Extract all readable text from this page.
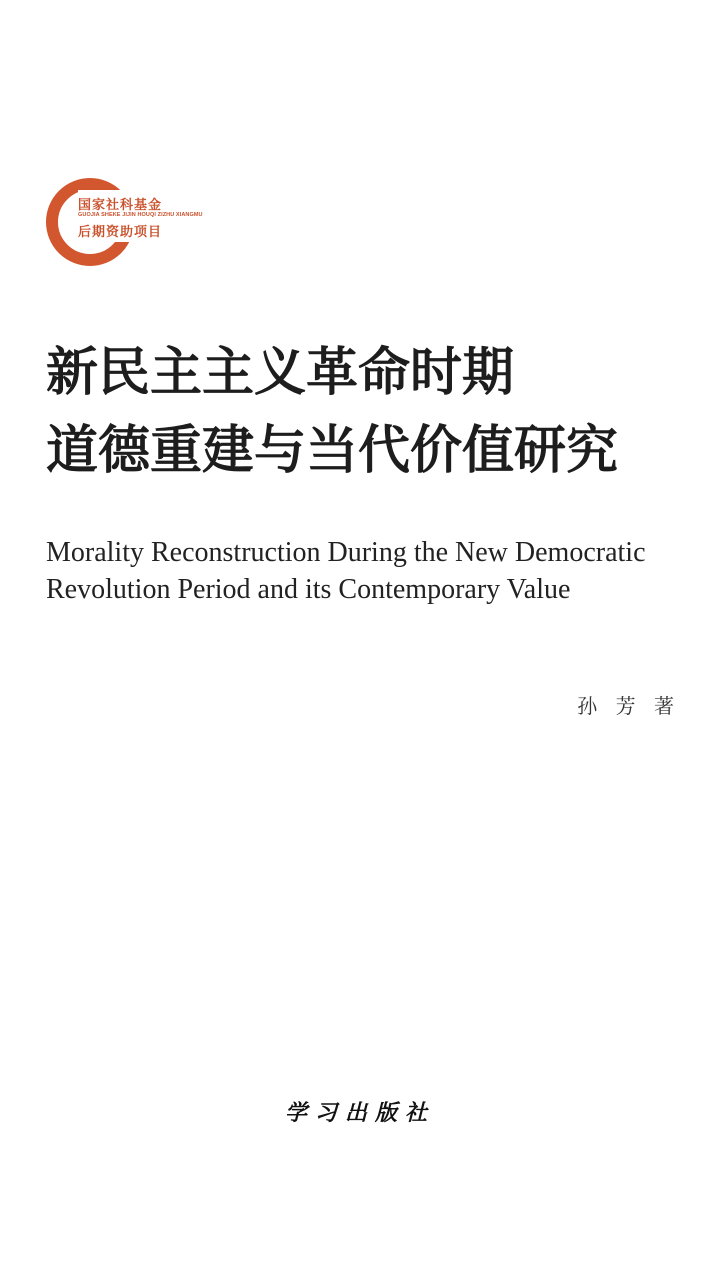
国家社科基金
GUOJIA SHEKE JIJIN HOUQI ZIZHU XIANGMU
后期资助项目
新民主主义革命时期
道德重建与当代价值研究
Morality Reconstruction During the New Democratic
Revolution Period and its Contemporary Value
孙 芳 著
学习出版社
